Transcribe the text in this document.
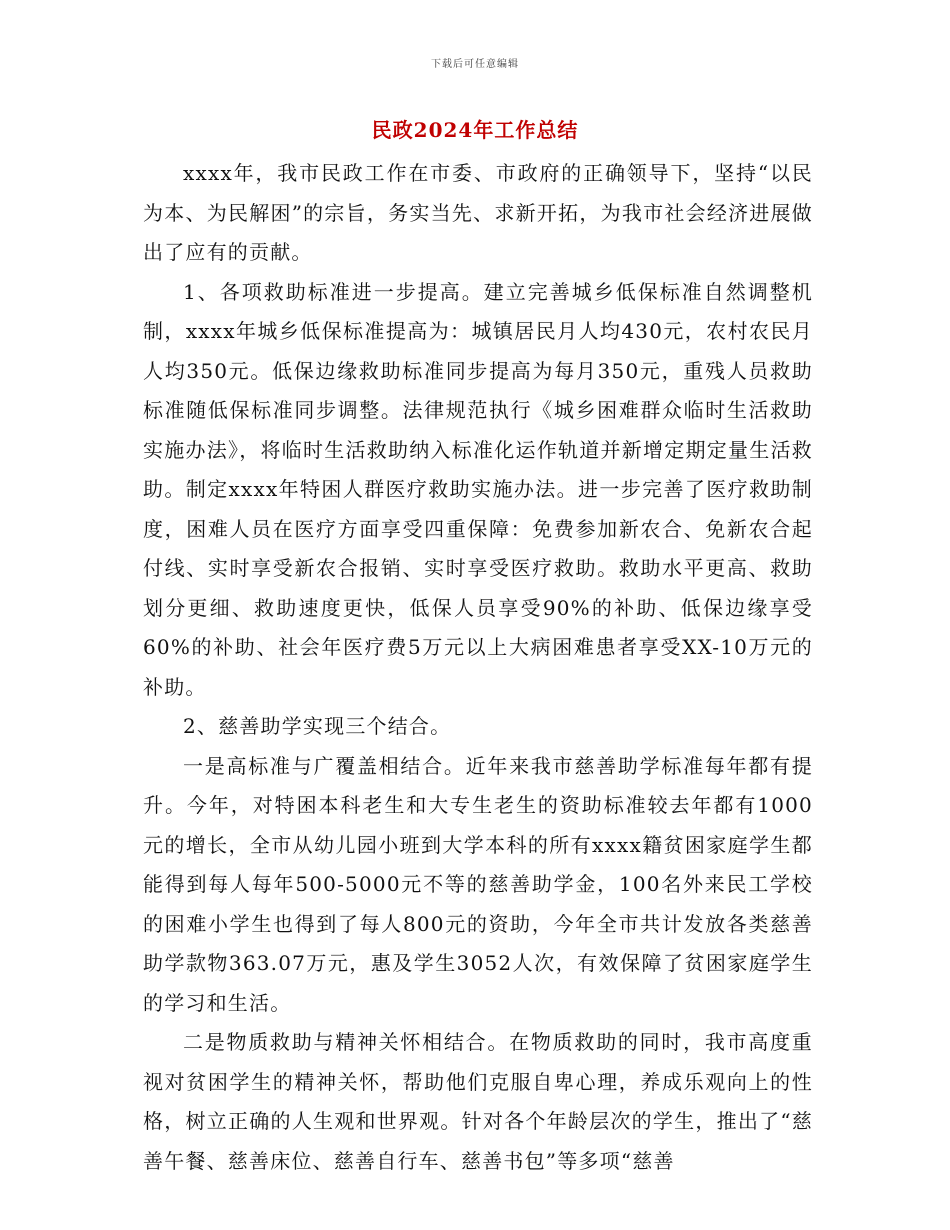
下载后可任意编辑
民政2024年工作总结

xxxx年，我市民政工作在市委、市政府的正确领导下，坚持“以民为本、为民解困”的宗旨，务实当先、求新开拓，为我市社会经济进展做出了应有的贡献。

1、各项救助标准进一步提高。建立完善城乡低保标准自然调整机制，xxxx年城乡低保标准提高为：城镇居民月人均430元，农村农民月人均350元。低保边缘救助标准同步提高为每月350元，重残人员救助标准随低保标准同步调整。法律规范执行《城乡困难群众临时生活救助实施办法》，将临时生活救助纳入标准化运作轨道并新增定期定量生活救助。制定xxxx年特困人群医疗救助实施办法。进一步完善了医疗救助制度，困难人员在医疗方面享受四重保障：免费参加新农合、免新农合起付线、实时享受新农合报销、实时享受医疗救助。救助水平更高、救助划分更细、救助速度更快，低保人员享受90%的补助、低保边缘享受60%的补助、社会年医疗费5万元以上大病困难患者享受XX-10万元的补助。

2、慈善助学实现三个结合。

一是高标准与广覆盖相结合。近年来我市慈善助学标准每年都有提升。今年，对特困本科老生和大专生老生的资助标准较去年都有1000元的增长，全市从幼儿园小班到大学本科的所有xxxx籍贫困家庭学生都能得到每人每年500-5000元不等的慈善助学金，100名外来民工学校的困难小学生也得到了每人800元的资助，今年全市共计发放各类慈善助学款物363.07万元，惠及学生3052人次，有效保障了贫困家庭学生的学习和生活。

二是物质救助与精神关怀相结合。在物质救助的同时，我市高度重视对贫困学生的精神关怀，帮助他们克服自卑心理，养成乐观向上的性格，树立正确的人生观和世界观。针对各个年龄层次的学生，推出了“慈善午餐、慈善床位、慈善自行车、慈善书包”等多项“慈善
